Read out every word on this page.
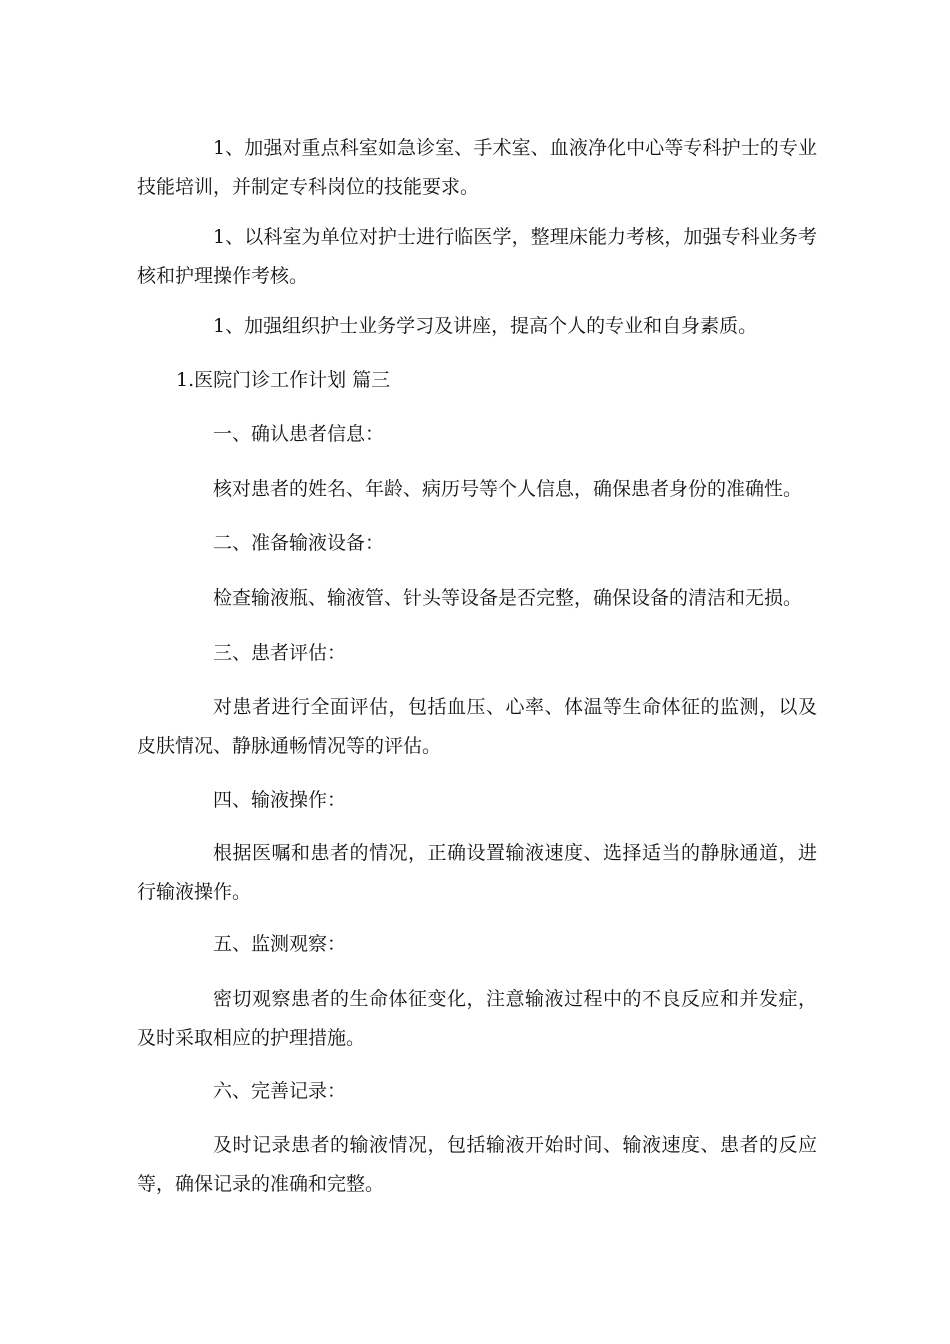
1、加强对重点科室如急诊室、手术室、血液净化中心等专科护士的专业技能培训，并制定专科岗位的技能要求。

1、以科室为单位对护士进行临医学，整理床能力考核，加强专科业务考核和护理操作考核。

1、加强组织护士业务学习及讲座，提高个人的专业和自身素质。

1.医院门诊工作计划 篇三

一、确认患者信息：

核对患者的姓名、年龄、病历号等个人信息，确保患者身份的准确性。

二、准备输液设备：

检查输液瓶、输液管、针头等设备是否完整，确保设备的清洁和无损。

三、患者评估：

对患者进行全面评估，包括血压、心率、体温等生命体征的监测，以及皮肤情况、静脉通畅情况等的评估。

四、输液操作：

根据医嘱和患者的情况，正确设置输液速度、选择适当的静脉通道，进行输液操作。

五、监测观察：

密切观察患者的生命体征变化，注意输液过程中的不良反应和并发症，及时采取相应的护理措施。

六、完善记录：

及时记录患者的输液情况，包括输液开始时间、输液速度、患者的反应等，确保记录的准确和完整。
